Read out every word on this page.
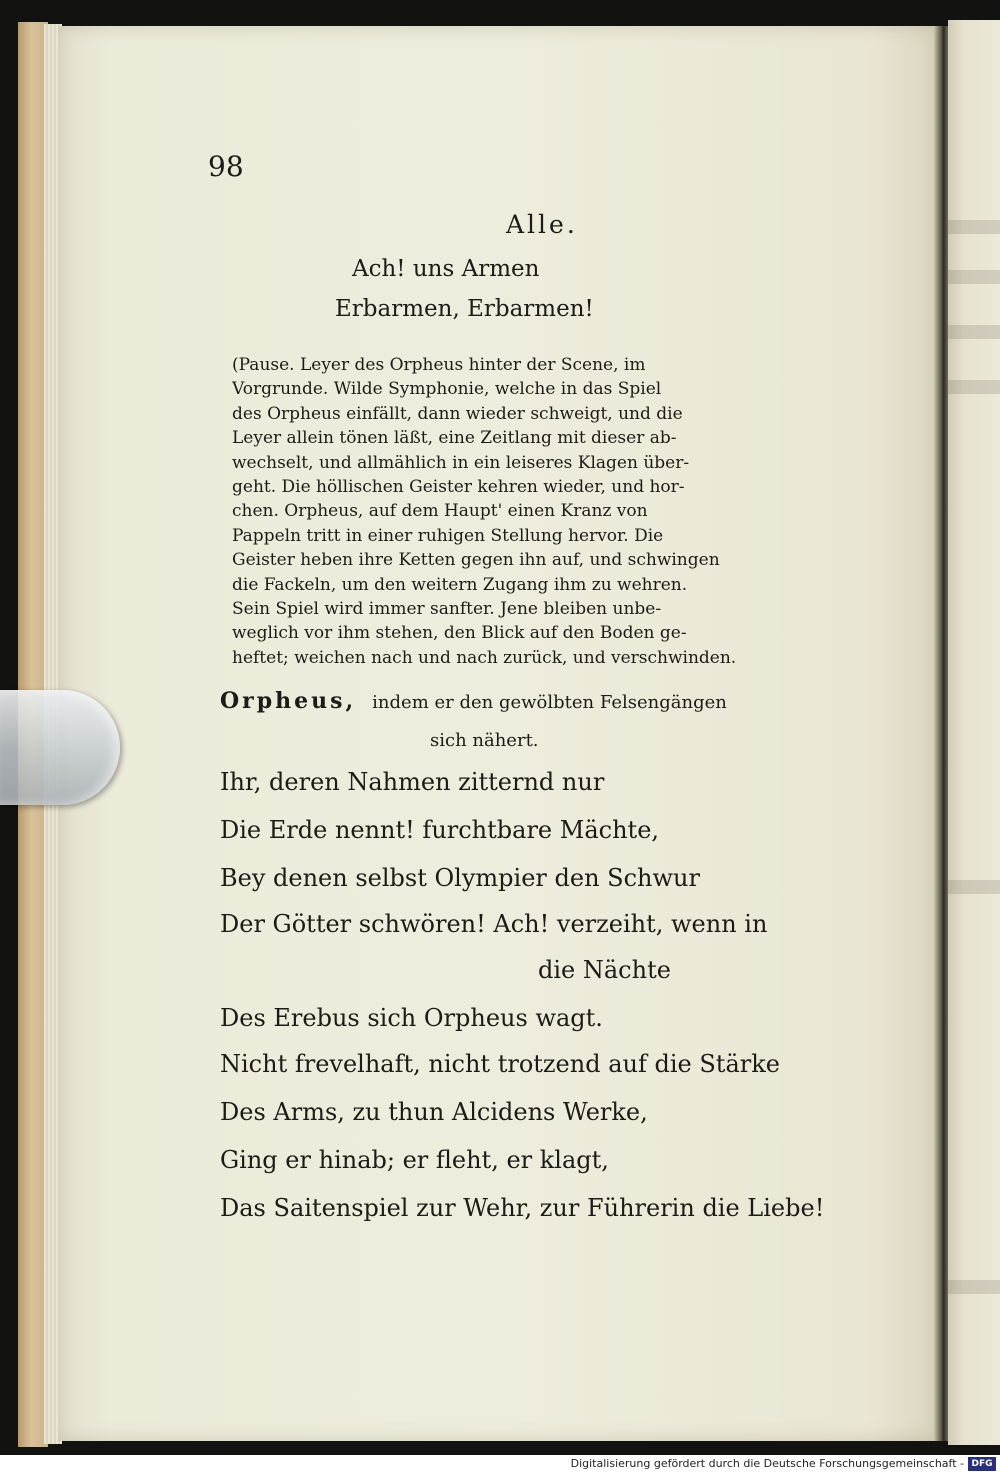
98
Alle.
Ach! uns Armen
Erbarmen, Erbarmen!
(Pause. Leyer des Orpheus hinter der Scene, im
Vorgrunde. Wilde Symphonie, welche in das Spiel
des Orpheus einfällt, dann wieder schweigt, und die
Leyer allein tönen läßt, eine Zeitlang mit dieser ab-
wechselt, und allmählich in ein leiseres Klagen über-
geht. Die höllischen Geister kehren wieder, und hor-
chen. Orpheus, auf dem Haupt' einen Kranz von
Pappeln tritt in einer ruhigen Stellung hervor. Die
Geister heben ihre Ketten gegen ihn auf, und schwingen
die Fackeln, um den weitern Zugang ihm zu wehren.
Sein Spiel wird immer sanfter. Jene bleiben unbe-
weglich vor ihm stehen, den Blick auf den Boden ge-
heftet; weichen nach und nach zurück, und verschwinden.
Orpheus, indem er den gewölbten Felsengängen
sich nähert.
Ihr, deren Nahmen zitternd nur
Die Erde nennt! furchtbare Mächte,
Bey denen selbst Olympier den Schwur
Der Götter schwören! Ach! verzeiht, wenn in
die Nächte
Des Erebus sich Orpheus wagt.
Nicht frevelhaft, nicht trotzend auf die Stärke
Des Arms, zu thun Alcidens Werke,
Ging er hinab; er fleht, er klagt,
Das Saitenspiel zur Wehr, zur Führerin die Liebe!
Digitalisierung gefördert durch die Deutsche Forschungsgemeinschaft - DFG
